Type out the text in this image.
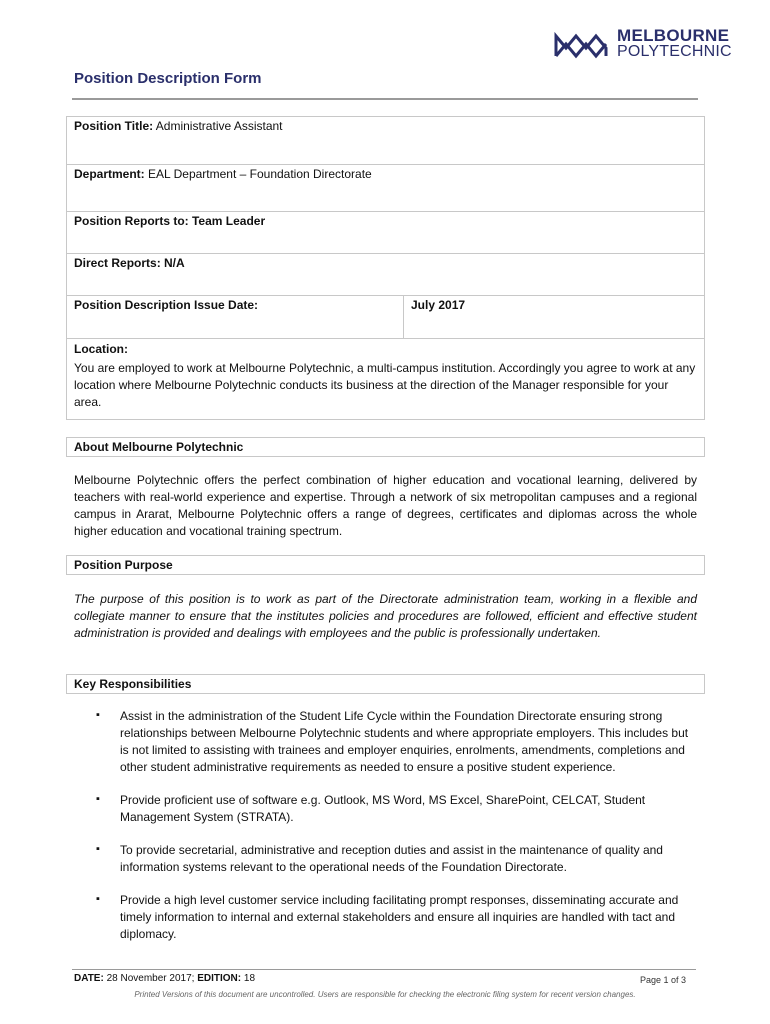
MELBOURNE
POLYTECHNIC
Position Description Form
Position Title: Administrative Assistant
Department: EAL Department – Foundation Directorate
Position Reports to: Team Leader
Direct Reports: N/A
Position Description Issue Date:	July 2017
Location:
You are employed to work at Melbourne Polytechnic, a multi-campus institution. Accordingly you agree to work at any location where Melbourne Polytechnic conducts its business at the direction of the Manager responsible for your area.
About Melbourne Polytechnic
Melbourne Polytechnic offers the perfect combination of higher education and vocational learning, delivered by teachers with real-world experience and expertise. Through a network of six metropolitan campuses and a regional campus in Ararat, Melbourne Polytechnic offers a range of degrees, certificates and diplomas across the whole higher education and vocational training spectrum.
Position Purpose
The purpose of this position is to work as part of the Directorate administration team, working in a flexible and collegiate manner to ensure that the institutes policies and procedures are followed, efficient and effective student administration is provided and dealings with employees and the public is professionally undertaken.
Key Responsibilities
▪ Assist in the administration of the Student Life Cycle within the Foundation Directorate ensuring strong relationships between Melbourne Polytechnic students and where appropriate employers. This includes but is not limited to assisting with trainees and employer enquiries, enrolments, amendments, completions and other student administrative requirements as needed to ensure a positive student experience.
▪ Provide proficient use of software e.g. Outlook, MS Word, MS Excel, SharePoint, CELCAT, Student Management System (STRATA).
▪ To provide secretarial, administrative and reception duties and assist in the maintenance of quality and information systems relevant to the operational needs of the Foundation Directorate.
▪ Provide a high level customer service including facilitating prompt responses, disseminating accurate and timely information to internal and external stakeholders and ensure all inquiries are handled with tact and diplomacy.
DATE: 28 November 2017; EDITION: 18	Page 1 of 3
Printed Versions of this document are uncontrolled. Users are responsible for checking the electronic filing system for recent version changes.
